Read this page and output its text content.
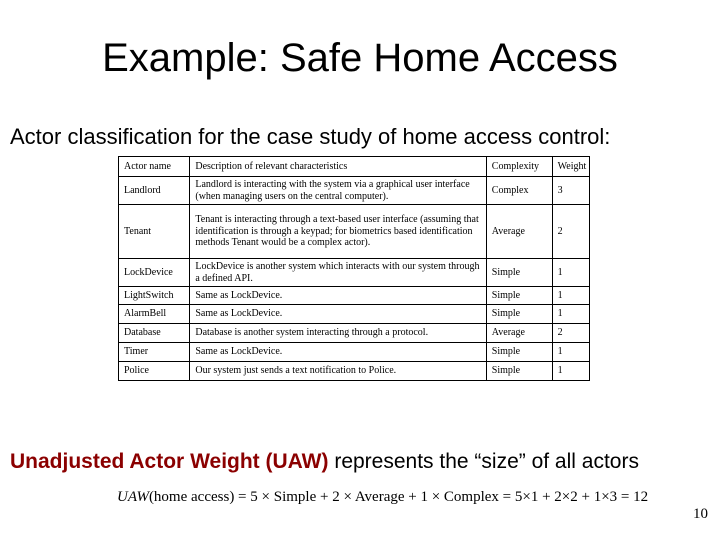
Example: Safe Home Access
Actor classification for the case study of home access control:
Actor name	Description of relevant characteristics	Complexity	Weight
Landlord	Landlord is interacting with the system via a graphical user interface (when managing users on the central computer).	Complex	3
Tenant	Tenant is interacting through a text-based user interface (assuming that identification is through a keypad; for biometrics based identification methods Tenant would be a complex actor).	Average	2
LockDevice	LockDevice is another system which interacts with our system through a defined API.	Simple	1
LightSwitch	Same as LockDevice.	Simple	1
AlarmBell	Same as LockDevice.	Simple	1
Database	Database is another system interacting through a protocol.	Average	2
Timer	Same as LockDevice.	Simple	1
Police	Our system just sends a text notification to Police.	Simple	1
Unadjusted Actor Weight (UAW) represents the “size” of all actors
UAW(home access) = 5 × Simple + 2 × Average + 1 × Complex = 5×1 + 2×2 + 1×3 = 12
10
